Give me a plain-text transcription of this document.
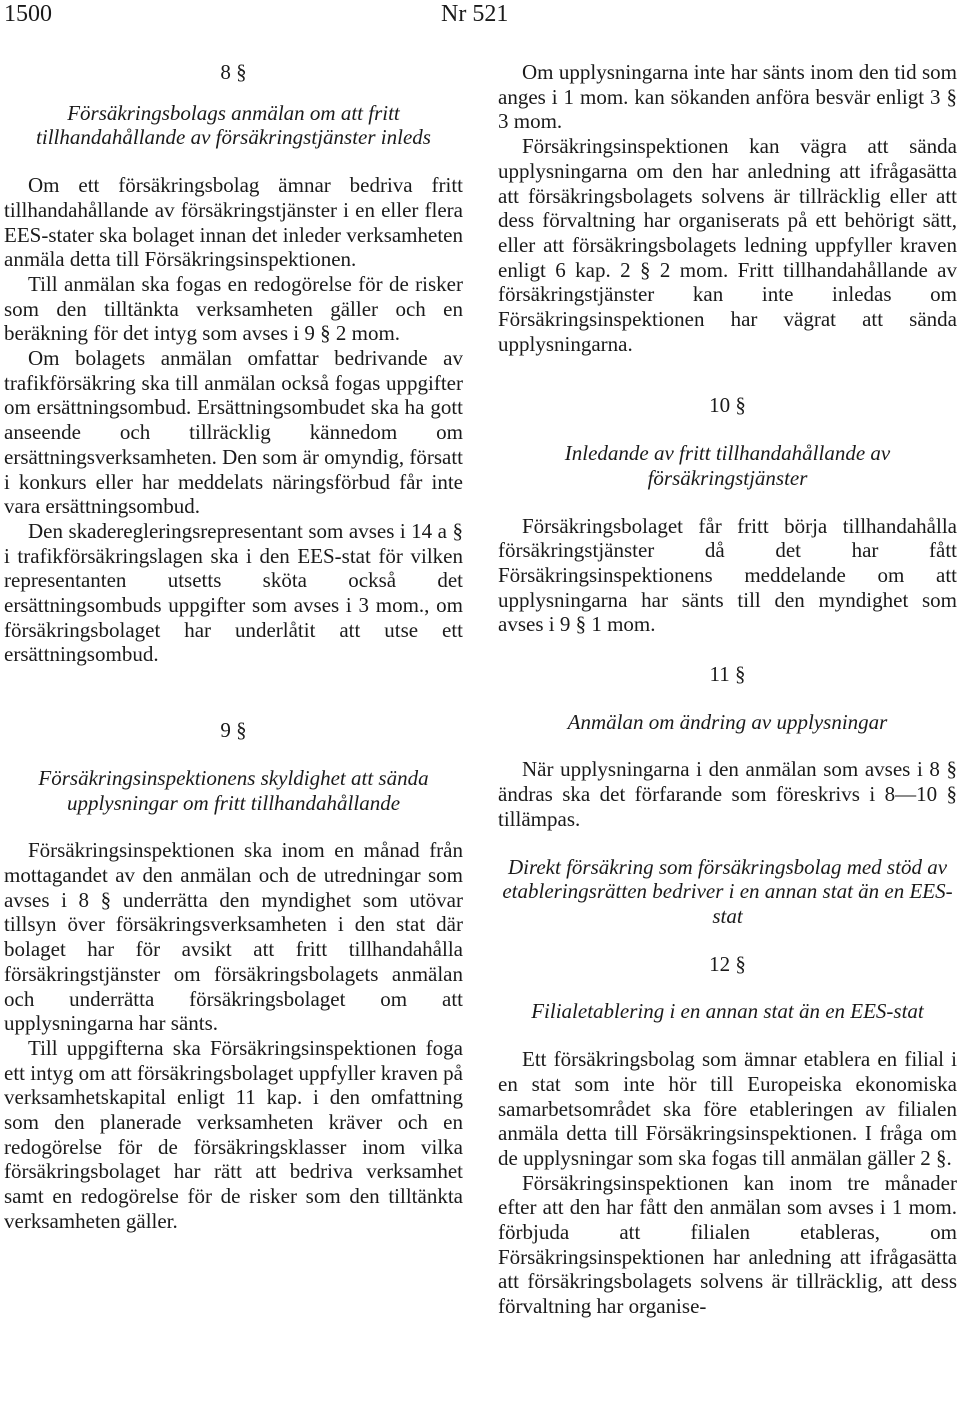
1500	Nr 521
8 §
Försäkringsbolags anmälan om att fritt tillhandahållande av försäkringstjänster inleds

Om ett försäkringsbolag ämnar bedriva fritt tillhandahållande av försäkringstjänster i en eller flera EES-stater ska bolaget innan det inleder verksamheten anmäla detta till Försäkringsinspektionen.

Till anmälan ska fogas en redogörelse för de risker som den tilltänkta verksamheten gäller och en beräkning för det intyg som avses i 9 § 2 mom.

Om bolagets anmälan omfattar bedrivande av trafikförsäkring ska till anmälan också fogas uppgifter om ersättningsombud. Ersättningsombudet ska ha gott anseende och tillräcklig kännedom om ersättningsverksamheten. Den som är omyndig, försatt i konkurs eller har meddelats näringsförbud får inte vara ersättningsombud.

Den skaderegleringsrepresentant som avses i 14 a § i trafikförsäkringslagen ska i den EES-stat för vilken representanten utsetts sköta också det ersättningsombuds uppgifter som avses i 3 mom., om försäkringsbolaget har underlåtit att utse ett ersättningsombud.

9 §
Försäkringsinspektionens skyldighet att sända upplysningar om fritt tillhandahållande

Försäkringsinspektionen ska inom en månad från mottagandet av den anmälan och de utredningar som avses i 8 § underrätta den myndighet som utövar tillsyn över försäkringsverksamheten i den stat där bolaget har för avsikt att fritt tillhandahålla försäkringstjänster om försäkringsbolagets anmälan och underrätta försäkringsbolaget om att upplysningarna har sänts.

Till uppgifterna ska Försäkringsinspektionen foga ett intyg om att försäkringsbolaget uppfyller kraven på verksamhetskapital enligt 11 kap. i den omfattning som den planerade verksamheten kräver och en redogörelse för de försäkringsklasser inom vilka försäkringsbolaget har rätt att bedriva verksamhet samt en redogörelse för de risker som den tilltänkta verksamheten gäller.

Om upplysningarna inte har sänts inom den tid som anges i 1 mom. kan sökanden anföra besvär enligt 3 § 3 mom.

Försäkringsinspektionen kan vägra att sända upplysningarna om den har anledning att ifrågasätta att försäkringsbolagets solvens är tillräcklig eller att dess förvaltning har organiserats på ett behörigt sätt, eller att försäkringsbolagets ledning uppfyller kraven enligt 6 kap. 2 § 2 mom. Fritt tillhandahållande av försäkringstjänster kan inte inledas om Försäkringsinspektionen har vägrat att sända upplysningarna.

10 §
Inledande av fritt tillhandahållande av försäkringstjänster

Försäkringsbolaget får fritt börja tillhandahålla försäkringstjänster då det har fått Försäkringsinspektionens meddelande om att upplysningarna har sänts till den myndighet som avses i 9 § 1 mom.

11 §
Anmälan om ändring av upplysningar

När upplysningarna i den anmälan som avses i 8 § ändras ska det förfarande som föreskrivs i 8—10 § tillämpas.

Direkt försäkring som försäkringsbolag med stöd av etableringsrätten bedriver i en annan stat än en EES-stat
12 §
Filialetablering i en annan stat än en EES-stat

Ett försäkringsbolag som ämnar etablera en filial i en stat som inte hör till Europeiska ekonomiska samarbetsområdet ska före etableringen av filialen anmäla detta till Försäkringsinspektionen. I fråga om de upplysningar som ska fogas till anmälan gäller 2 §.

Försäkringsinspektionen kan inom tre månader efter att den har fått den anmälan som avses i 1 mom. förbjuda att filialen etableras, om Försäkringsinspektionen har anledning att ifrågasätta att försäkringsbolagets solvens är tillräcklig, att dess förvaltning har organise-
